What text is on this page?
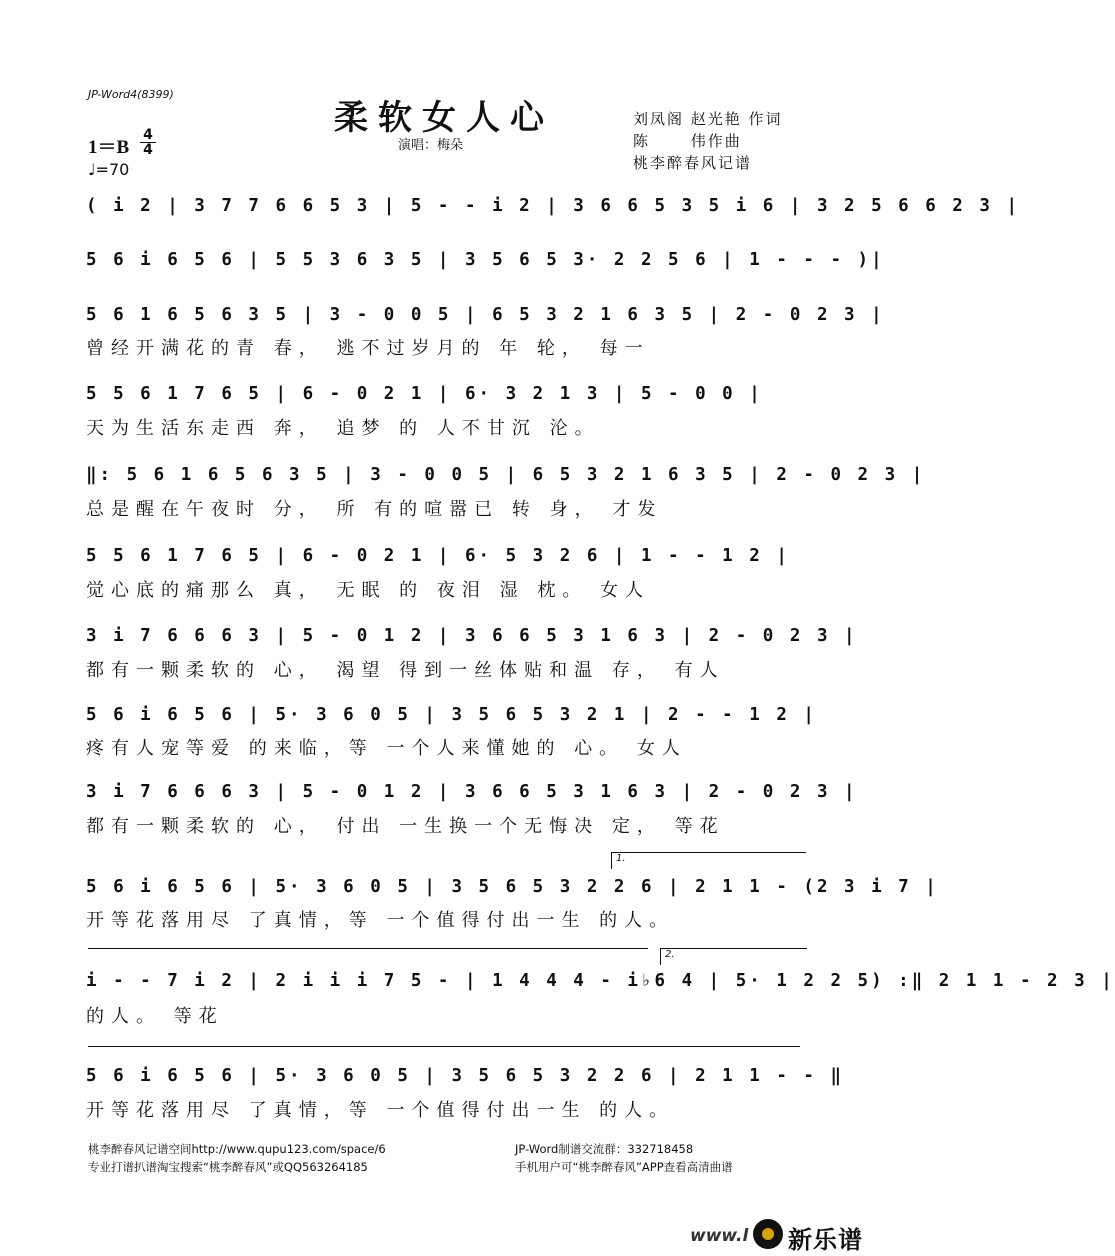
JP-Word4(8399)
柔软女人心
演唱：梅朵
刘凤阁 赵光艳 作词
陈　　 伟作曲
桃李醉春风记谱
1＝B
4
4
♩=70
( i 2 | 3 7 7 6 6 5 3 | 5 - - i 2 | 3 6 6 5 3 5 i 6 | 3 2 5 6 6 2 3 |
5 6 i 6 5 6 | 5 5 3 6 3 5 | 3 5 6 5 3· 2 2 5 6 | 1 - - - )|
5 6 1 6 5 6 3 5 | 3 - 0 0 5 | 6 5 3 2 1 6 3 5 | 2 - 0 2 3 |
曾经开满花的青 春， 逃不过岁月的 年 轮， 每一
5 5 6 1 7 6 5 | 6 - 0 2 1 | 6· 3 2 1 3 | 5 - 0 0 |
天为生活东走西 奔， 追梦 的 人不甘沉 沦。
‖: 5 6 1 6 5 6 3 5 | 3 - 0 0 5 | 6 5 3 2 1 6 3 5 | 2 - 0 2 3 |
总是醒在午夜时 分， 所 有的喧嚣已 转 身， 才发
5 5 6 1 7 6 5 | 6 - 0 2 1 | 6· 5 3 2 6 | 1 - - 1 2 |
觉心底的痛那么 真， 无眠 的 夜泪 湿 枕。 女人
3 i 7 6 6 6 3 | 5 - 0 1 2 | 3 6 6 5 3 1 6 3 | 2 - 0 2 3 |
都有一颗柔软的 心， 渴望 得到一丝体贴和温 存， 有人
5 6 i 6 5 6 | 5· 3 6 0 5 | 3 5 6 5 3 2 1 | 2 - - 1 2 |
疼有人宠等爱 的来临，等 一个人来懂她的 心。 女人
3 i 7 6 6 6 3 | 5 - 0 1 2 | 3 6 6 5 3 1 6 3 | 2 - 0 2 3 |
都有一颗柔软的 心， 付出 一生换一个无悔决 定， 等花
1.
5 6 i 6 5 6 | 5· 3 6 0 5 | 3 5 6 5 3 2 2 6 | 2 1 1 - (2 3 i 7 |
开等花落用尽 了真情，等 一个值得付出一生 的人。
2.
i - - 7 i 2 | 2 i i i 7 5 - | 1 4 4 4 - i♭6 4 | 5· 1 2 2 5) :‖ 2 1 1 - 2 3 |
的人。 等花
5 6 i 6 5 6 | 5· 3 6 0 5 | 3 5 6 5 3 2 2 6 | 2 1 1 - - ‖
开等花落用尽 了真情，等 一个值得付出一生 的人。
桃李醉春风记谱空间http://www.qupu123.com/space/6
专业打谱扒谱淘宝搜索“桃李醉春风”或QQ563264185
JP-Word制谱交流群：332718458
手机用户可“桃李醉春风”APP查看高清曲谱
www.l 新乐谱
